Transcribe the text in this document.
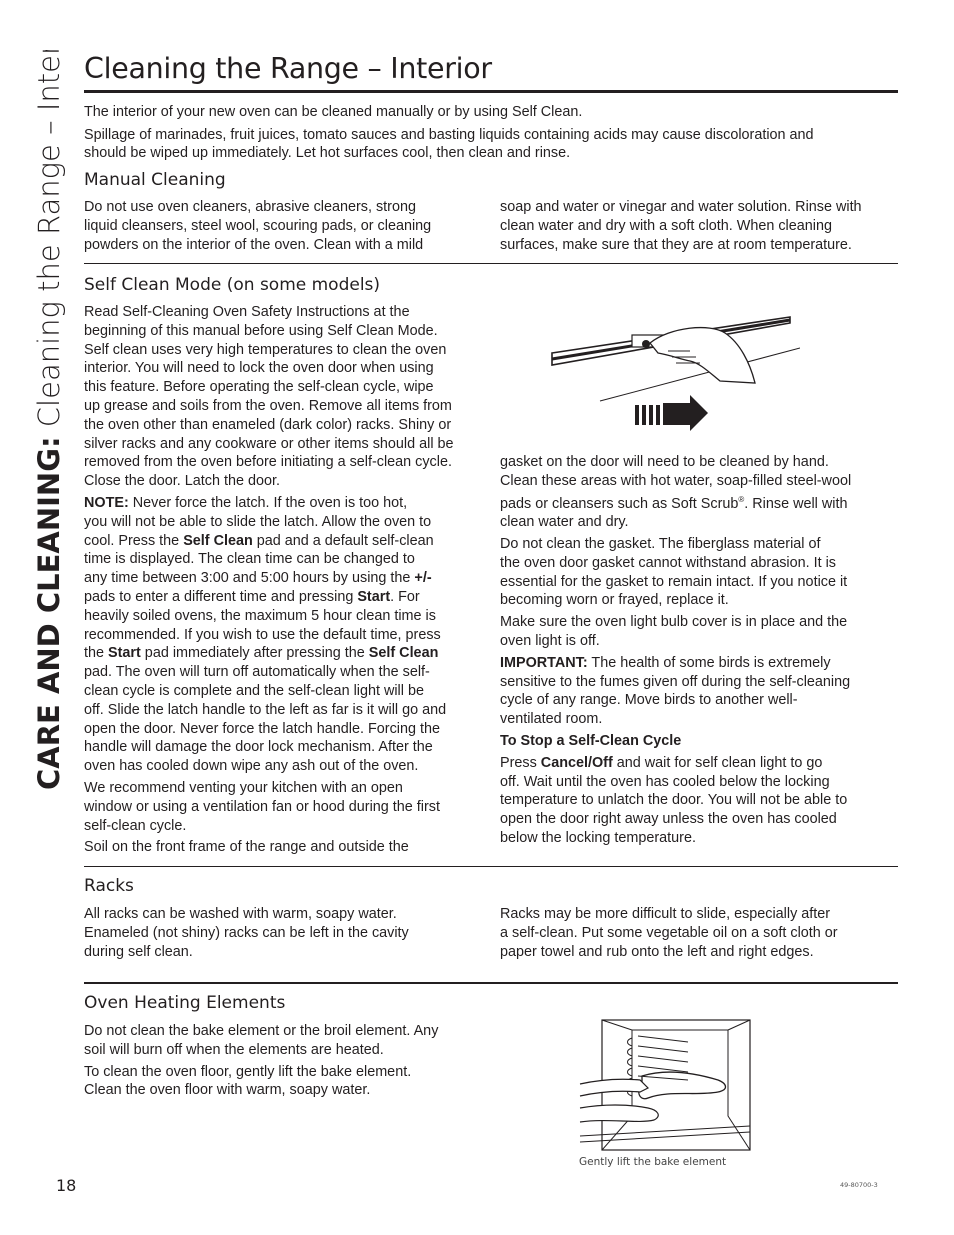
CARE AND CLEANING: Cleaning the Range – Interior Cleaning the Range – Interior
The interior of your new oven can be cleaned manually or by using Self Clean.
Spillage of marinades, fruit juices, tomato sauces and basting liquids containing acids may cause discoloration and
should be wiped up immediately. Let hot surfaces cool, then clean and rinse.
Manual Cleaning
Do not use oven cleaners, abrasive cleaners, strong
liquid cleansers, steel wool, scouring pads, or cleaning
powders on the interior of the oven. Clean with a mild
soap and water or vinegar and water solution. Rinse with
clean water and dry with a soft cloth. When cleaning
surfaces, make sure that they are at room temperature.
Self Clean Mode (on some models)
Read Self-Cleaning Oven Safety Instructions at the
beginning of this manual before using Self Clean Mode.
Self clean uses very high temperatures to clean the oven
interior. You will need to lock the oven door when using
this feature. Before operating the self-clean cycle, wipe
up grease and soils from the oven. Remove all items from
the oven other than enameled (dark color) racks. Shiny or
silver racks and any cookware or other items should all be
removed from the oven before initiating a self-clean cycle.
Close the door. Latch the door.
NOTE: Never force the latch. If the oven is too hot,
you will not be able to slide the latch. Allow the oven to
cool. Press the Self Clean pad and a default self-clean
time is displayed. The clean time can be changed to
any time between 3:00 and 5:00 hours by using the +/-
pads to enter a different time and pressing Start. For
heavily soiled ovens, the maximum 5 hour clean time is
recommended. If you wish to use the default time, press
the Start pad immediately after pressing the Self Clean
pad. The oven will turn off automatically when the self-
clean cycle is complete and the self-clean light will be
off. Slide the latch handle to the left as far is it will go and
open the door. Never force the latch handle. Forcing the
handle will damage the door lock mechanism. After the
oven has cooled down wipe any ash out of the oven.
We recommend venting your kitchen with an open
window or using a ventilation fan or hood during the first
self-clean cycle.
Soil on the front frame of the range and outside the
gasket on the door will need to be cleaned by hand.
Clean these areas with hot water, soap-filled steel-wool
pads or cleansers such as Soft Scrub®. Rinse well with
clean water and dry.
Do not clean the gasket. The fiberglass material of
the oven door gasket cannot withstand abrasion. It is
essential for the gasket to remain intact. If you notice it
becoming worn or frayed, replace it.
Make sure the oven light bulb cover is in place and the
oven light is off.
IMPORTANT: The health of some birds is extremely
sensitive to the fumes given off during the self-cleaning
cycle of any range. Move birds to another well-
ventilated room.
To Stop a Self-Clean Cycle
Press Cancel/Off and wait for self clean light to go
off. Wait until the oven has cooled below the locking
temperature to unlatch the door. You will not be able to
open the door right away unless the oven has cooled
below the locking temperature.
Racks
All racks can be washed with warm, soapy water.
Enameled (not shiny) racks can be left in the cavity
during self clean.
Racks may be more difficult to slide, especially after
a self-clean. Put some vegetable oil on a soft cloth or
paper towel and rub onto the left and right edges.
Oven Heating Elements
Do not clean the bake element or the broil element. Any
soil will burn off when the elements are heated.
To clean the oven floor, gently lift the bake element.
Clean the oven floor with warm, soapy water.
Gently lift the bake element
18	49-80700-3
